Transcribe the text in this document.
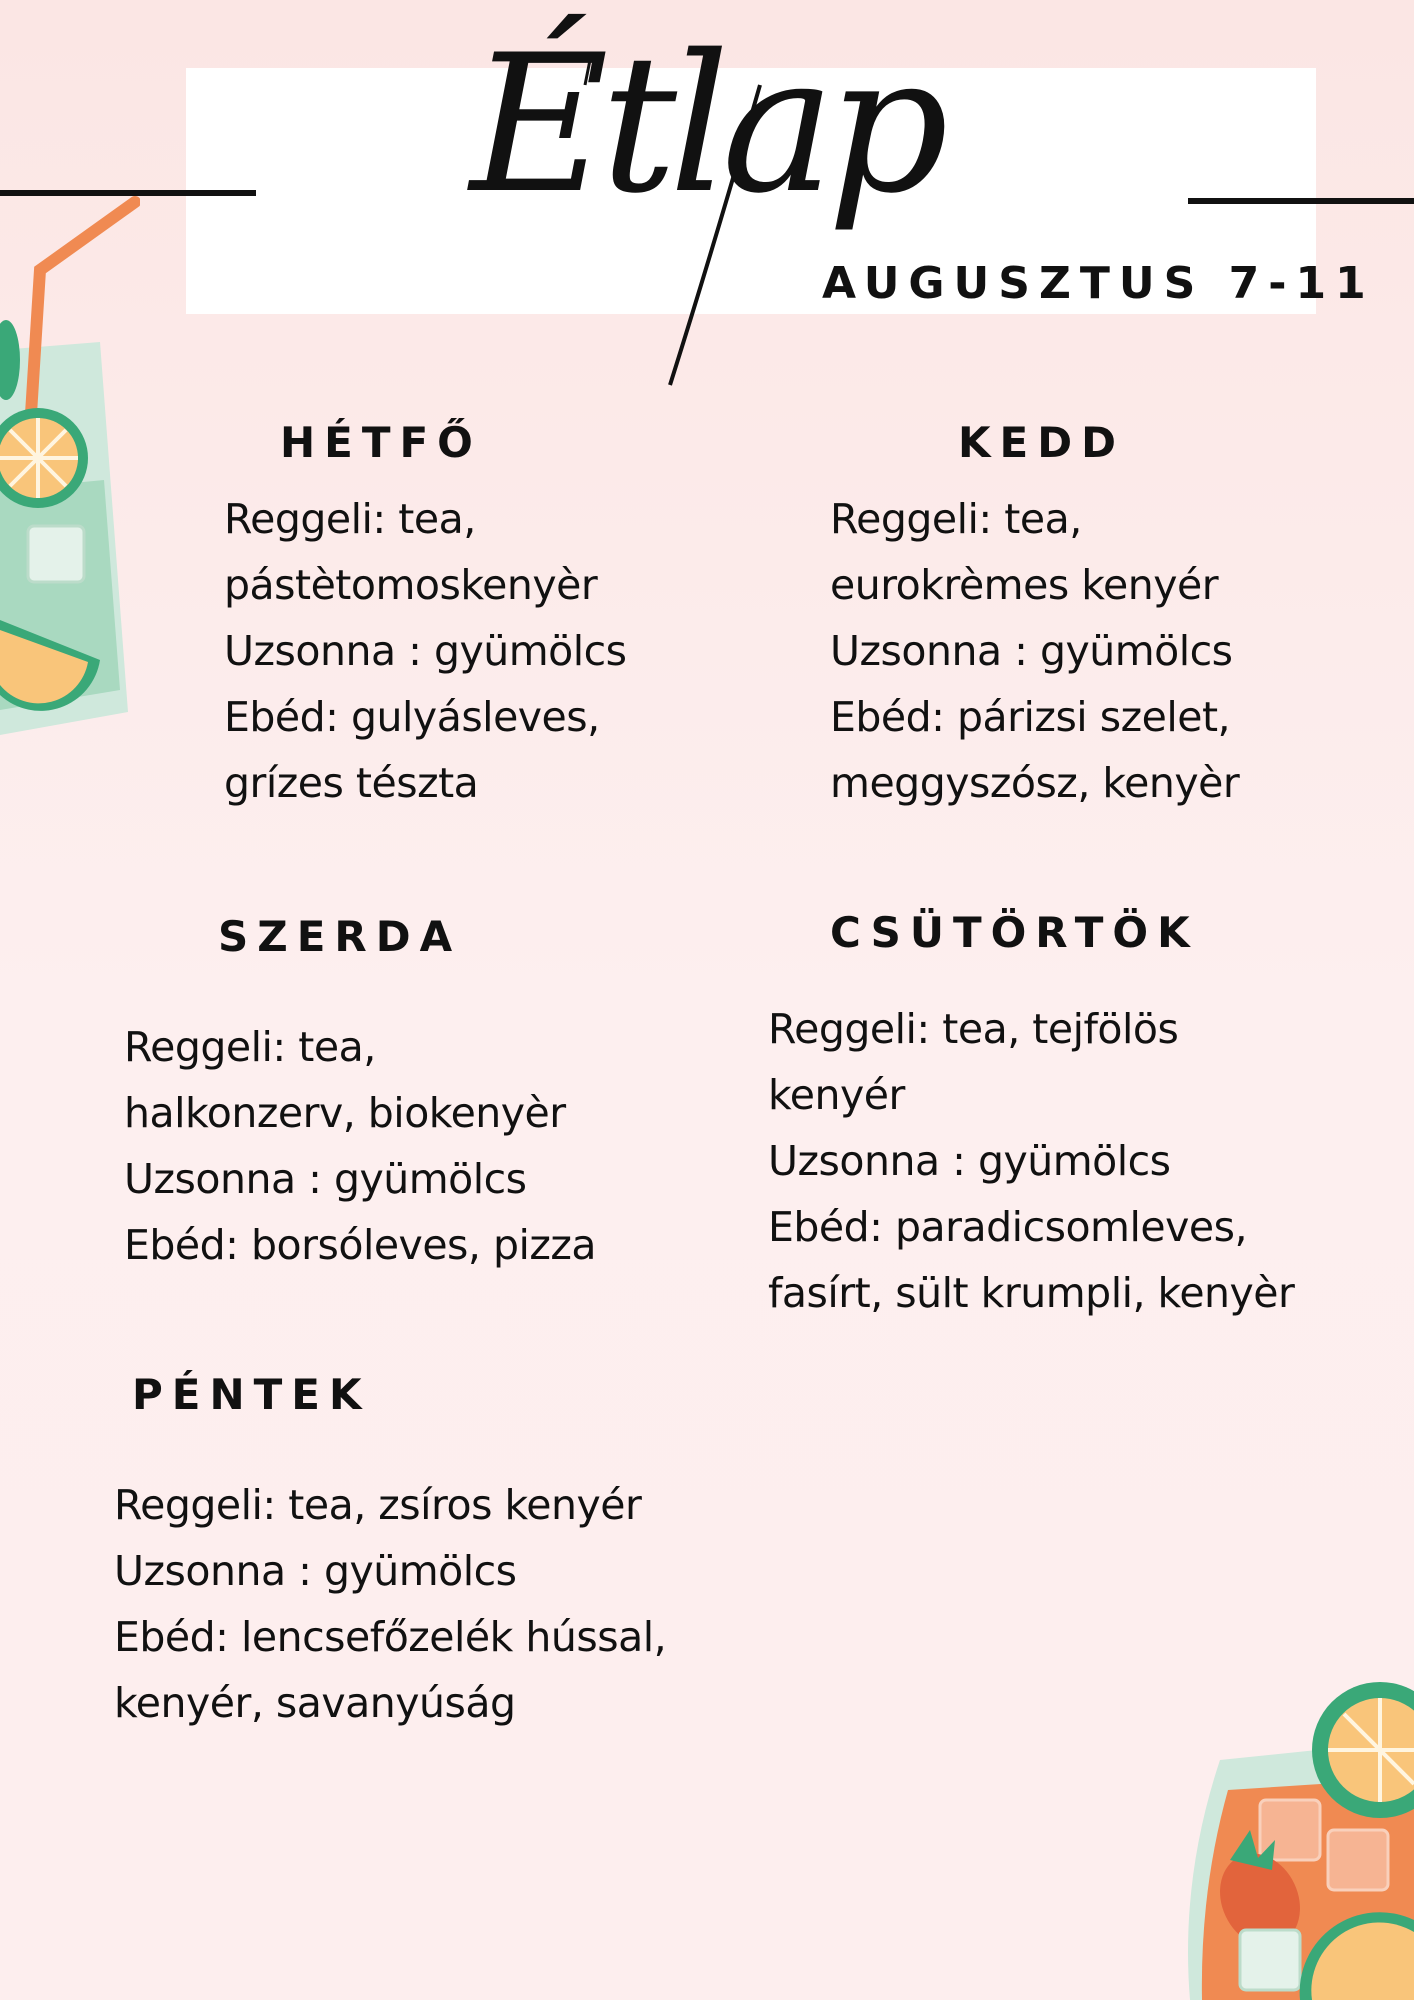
Étlap
AUGUSZTUS 7-11
HÉTFŐ
Reggeli: tea,
pástètomoskenyèr
Uzsonna : gyümölcs
Ebéd: gulyásleves,
grízes tészta
KEDD
Reggeli: tea,
eurokrèmes kenyér
Uzsonna : gyümölcs
Ebéd: párizsi szelet,
meggyszósz, kenyèr
SZERDA
Reggeli: tea,
halkonzerv, biokenyèr
Uzsonna : gyümölcs
Ebéd: borsóleves, pizza
CSÜTÖRTÖK
Reggeli: tea, tejfölös
kenyér
Uzsonna : gyümölcs
Ebéd: paradicsomleves,
fasírt, sült krumpli, kenyèr
PÉNTEK
Reggeli: tea, zsíros kenyér
Uzsonna : gyümölcs
Ebéd: lencsefőzelék hússal,
kenyér, savanyúság
